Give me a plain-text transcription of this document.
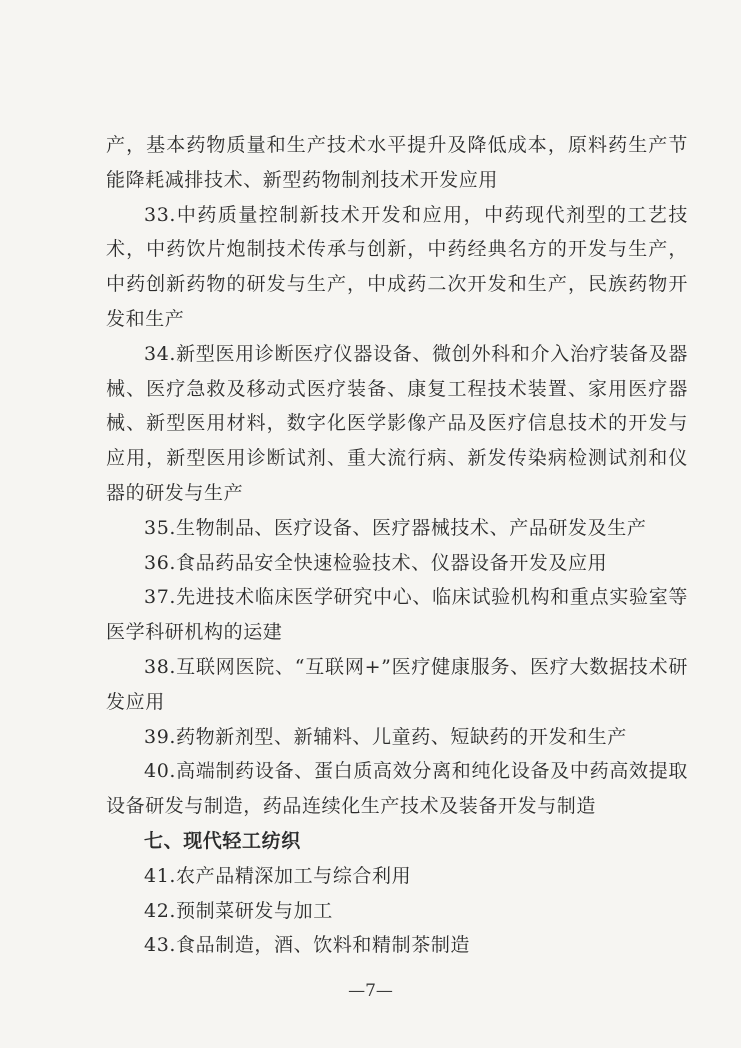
产，基本药物质量和生产技术水平提升及降低成本，原料药生产节能降耗减排技术、新型药物制剂技术开发应用

33.中药质量控制新技术开发和应用，中药现代剂型的工艺技术，中药饮片炮制技术传承与创新，中药经典名方的开发与生产，中药创新药物的研发与生产，中成药二次开发和生产，民族药物开发和生产

34.新型医用诊断医疗仪器设备、微创外科和介入治疗装备及器械、医疗急救及移动式医疗装备、康复工程技术装置、家用医疗器械、新型医用材料，数字化医学影像产品及医疗信息技术的开发与应用，新型医用诊断试剂、重大流行病、新发传染病检测试剂和仪器的研发与生产

35.生物制品、医疗设备、医疗器械技术、产品研发及生产

36.食品药品安全快速检验技术、仪器设备开发及应用

37.先进技术临床医学研究中心、临床试验机构和重点实验室等医学科研机构的运建

38.互联网医院、“互联网+”医疗健康服务、医疗大数据技术研发应用

39.药物新剂型、新辅料、儿童药、短缺药的开发和生产

40.高端制药设备、蛋白质高效分离和纯化设备及中药高效提取设备研发与制造，药品连续化生产技术及装备开发与制造

七、现代轻工纺织

41.农产品精深加工与综合利用

42.预制菜研发与加工

43.食品制造，酒、饮料和精制茶制造

—7—
